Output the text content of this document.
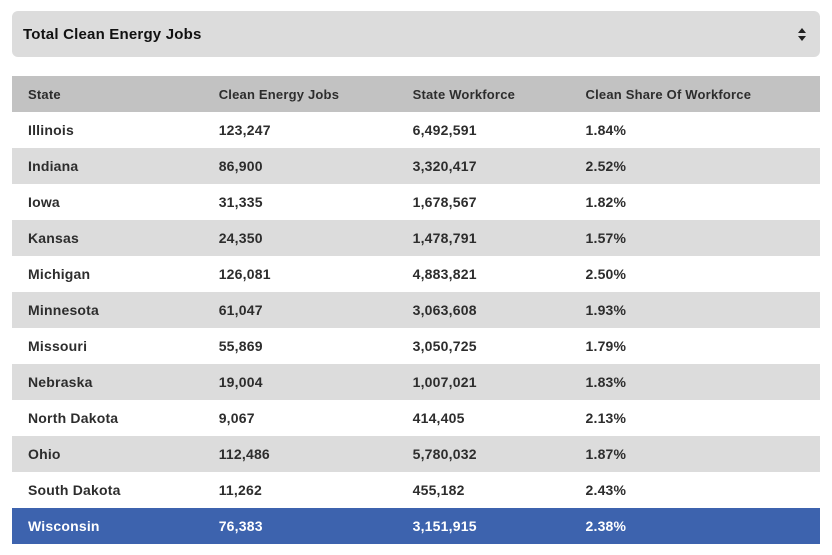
Total Clean Energy Jobs
State	Clean Energy Jobs	State Workforce	Clean Share Of Workforce
Illinois	123,247	6,492,591	1.84%
Indiana	86,900	3,320,417	2.52%
Iowa	31,335	1,678,567	1.82%
Kansas	24,350	1,478,791	1.57%
Michigan	126,081	4,883,821	2.50%
Minnesota	61,047	3,063,608	1.93%
Missouri	55,869	3,050,725	1.79%
Nebraska	19,004	1,007,021	1.83%
North Dakota	9,067	414,405	2.13%
Ohio	112,486	5,780,032	1.87%
South Dakota	11,262	455,182	2.43%
Wisconsin	76,383	3,151,915	2.38%
